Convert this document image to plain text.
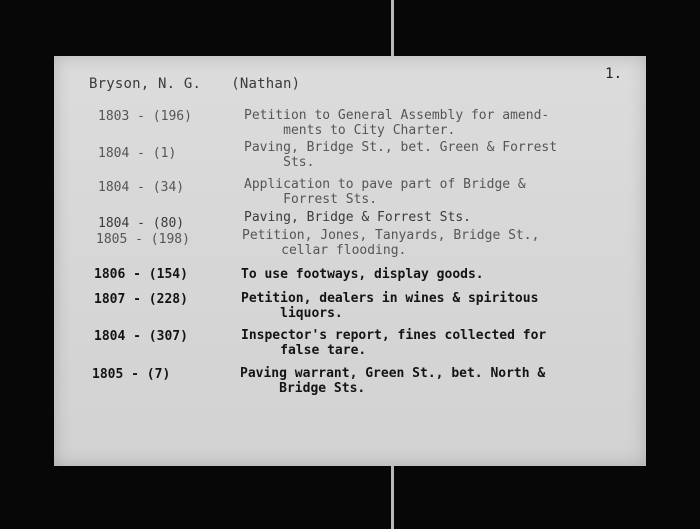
Bryson, N. G. (Nathan)
1.
1803 - (196)	Petition to General Assembly for amend-
ments to City Charter.
1804 - (1)	Paving, Bridge St., bet. Green & Forrest
Sts.
1804 - (34)	Application to pave part of Bridge &
Forrest Sts.
1804 - (80)	Paving, Bridge & Forrest Sts.
1805 - (198)	Petition, Jones, Tanyards, Bridge St.,
cellar flooding.
1806 - (154)	To use footways, display goods.
1807 - (228)	Petition, dealers in wines & spiritous
liquors.
1804 - (307)	Inspector's report, fines collected for
false tare.
1805 - (7)	Paving warrant, Green St., bet. North &
Bridge Sts.
